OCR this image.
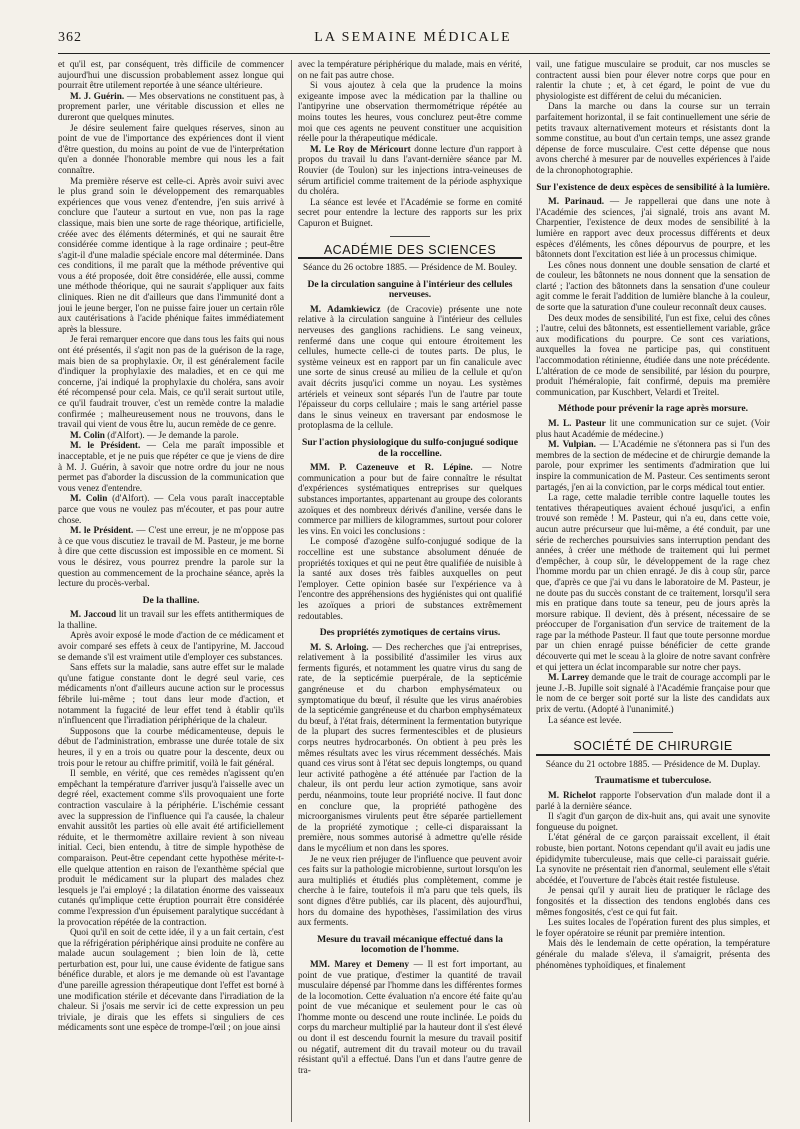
362	LA SEMAINE MÉDICALE

et qu'il est, par conséquent, très difficile de commencer aujourd'hui une discussion probablement assez longue qui pourrait être utilement reportée à une séance ultérieure.

M. J. Guérin. — Mes observations ne constituent pas, à proprement parler, une véritable discussion et elles ne dureront que quelques minutes.

Je désire seulement faire quelques réserves, sinon au point de vue de l'importance des expériences dont il vient d'être question, du moins au point de vue de l'interprétation qu'en a donnée l'honorable membre qui nous les a fait connaître.

Ma première réserve est celle-ci. Après avoir suivi avec le plus grand soin le développement des remarquables expériences que vous venez d'entendre, j'en suis arrivé à conclure que l'auteur a surtout en vue, non pas la rage classique, mais bien une sorte de rage théorique, artificielle, créée avec des éléments déterminés, et qui ne saurait être considérée comme identique à la rage ordinaire ; peut-être s'agit-il d'une maladie spéciale encore mal déterminée. Dans ces conditions, il me paraît que la méthode préventive qui vous a été proposée, doit être considérée, elle aussi, comme une méthode théorique, qui ne saurait s'appliquer aux faits cliniques. Rien ne dit d'ailleurs que dans l'immunité dont a joui le jeune berger, l'on ne puisse faire jouer un certain rôle aux cautérisations à l'acide phénique faites immédiatement après la blessure.

Je ferai remarquer encore que dans tous les faits qui nous ont été présentés, il s'agit non pas de la guérison de la rage, mais bien de sa prophylaxie. Or, il est généralement facile d'indiquer la prophylaxie des maladies, et en ce qui me concerne, j'ai indiqué la prophylaxie du choléra, sans avoir été récompensé pour cela. Mais, ce qu'il serait surtout utile, ce qu'il faudrait trouver, c'est un remède contre la maladie confirmée ; malheureusement nous ne trouvons, dans le travail qui vient de vous être lu, aucun remède de ce genre.

M. Colin (d'Alfort). — Je demande la parole.

M. le Président. — Cela me paraît impossible et inacceptable, et je ne puis que répéter ce que je viens de dire à M. J. Guérin, à savoir que notre ordre du jour ne nous permet pas d'aborder la discussion de la communication que vous venez d'entendre.

M. Colin (d'Alfort). — Cela vous paraît inacceptable parce que vous ne voulez pas m'écouter, et pas pour autre chose.

M. le Président. — C'est une erreur, je ne m'oppose pas à ce que vous discutiez le travail de M. Pasteur, je me borne à dire que cette discussion est impossible en ce moment. Si vous le désirez, vous pourrez prendre la parole sur la question au commencement de la prochaine séance, après la lecture du procès-verbal.

De la thalline.

M. Jaccoud lit un travail sur les effets antithermiques de la thalline.

Après avoir exposé le mode d'action de ce médicament et avoir comparé ses effets à ceux de l'antipyrine, M. Jaccoud se demande s'il est vraiment utile d'employer ces substances.

Sans effets sur la maladie, sans autre effet sur le malade qu'une fatigue constante dont le degré seul varie, ces médicaments n'ont d'ailleurs aucune action sur le processus fébrile lui-même ; tout dans leur mode d'action, et notamment la fugacité de leur effet tend à établir qu'ils n'influencent que l'irradiation périphérique de la chaleur.

Supposons que la courbe médicamenteuse, depuis le début de l'administration, embrasse une durée totale de six heures, il y en a trois ou quatre pour la descente, deux ou trois pour le retour au chiffre primitif, voilà le fait général.

Il semble, en vérité, que ces remèdes n'agissent qu'en empêchant la température d'arriver jusqu'à l'aisselle avec un degré réel, exactement comme s'ils provoquaient une forte contraction vasculaire à la périphérie. L'ischémie cessant avec la suppression de l'influence qui l'a causée, la chaleur envahit aussitôt les parties où elle avait été artificiellement réduite, et le thermomètre axillaire revient à son niveau initial. Ceci, bien entendu, à titre de simple hypothèse de comparaison. Peut-être cependant cette hypothèse mérite-t-elle quelque attention en raison de l'exanthème spécial que produit le médicament sur la plupart des malades chez lesquels je l'ai employé ; la dilatation énorme des vaisseaux cutanés qu'implique cette éruption pourrait être considérée comme l'expression d'un épuisement paralytique succédant à la provocation répétée de la contraction.

Quoi qu'il en soit de cette idée, il y a un fait certain, c'est que la réfrigération périphérique ainsi produite ne confère au malade aucun soulagement ; bien loin de là, cette perturbation est, pour lui, une cause évidente de fatigue sans bénéfice durable, et alors je me demande où est l'avantage d'une pareille agression thérapeutique dont l'effet est borné à une modification stérile et décevante dans l'irradiation de la chaleur. Si j'osais me servir ici de cette expression un peu triviale, je dirais que les effets si singuliers de ces médicaments sont une espèce de trompe-l'œil ; on joue ainsi

avec la température périphérique du malade, mais en vérité, on ne fait pas autre chose.

Si vous ajoutez à cela que la prudence la moins exigeante impose avec la médication par la thalline ou l'antipyrine une observation thermométrique répétée au moins toutes les heures, vous conclurez peut-être comme moi que ces agents ne peuvent constituer une acquisition réelle pour la thérapeutique médicale.

M. Le Roy de Méricourt donne lecture d'un rapport à propos du travail lu dans l'avant-dernière séance par M. Rouvier (de Toulon) sur les injections intra-veineuses de sérum artificiel comme traitement de la période asphyxique du choléra.

La séance est levée et l'Académie se forme en comité secret pour entendre la lecture des rapports sur les prix Capuron et Buignet.

ACADÉMIE DES SCIENCES
Séance du 26 octobre 1885. — Présidence de M. Bouley.
De la circulation sanguine à l'intérieur des cellules nerveuses.

M. Adamkiewicz (de Cracovie) présente une note relative à la circulation sanguine à l'intérieur des cellules nerveuses des ganglions rachidiens. Le sang veineux, renfermé dans une coque qui entoure étroitement les cellules, humecte celle-ci de toutes parts. De plus, le système veineux est en rapport par un fin canalicule avec une sorte de sinus creusé au milieu de la cellule et qu'on avait décrits jusqu'ici comme un noyau. Les systèmes artériels et veineux sont séparés l'un de l'autre par toute l'épaisseur du corps cellulaire ; mais le sang artériel passe dans le sinus veineux en traversant par endosmose le protoplasma de la cellule.

Sur l'action physiologique du sulfo-conjugué sodique de la roccelline.

MM. P. Cazeneuve et R. Lépine. — Notre communication a pour but de faire connaître le résultat d'expériences systématiques entreprises sur quelques substances importantes, appartenant au groupe des colorants azoïques et des nombreux dérivés d'aniline, versée dans le commerce par milliers de kilogrammes, surtout pour colorer les vins. En voici les conclusions :

Le composé d'azogène sulfo-conjugué sodique de la roccelline est une substance absolument dénuée de propriétés toxiques et qui ne peut être qualifiée de nuisible à la santé aux doses très faibles auxquelles on peut l'employer. Cette opinion basée sur l'expérience va à l'encontre des appréhensions des hygiénistes qui ont qualifié les azoïques a priori de substances extrêmement redoutables.

Des propriétés zymotiques de certains virus.

M. S. Arloing. — Des recherches que j'ai entreprises, relativement à la possibilité d'assimiler les virus aux ferments figurés, et notamment les quatre virus du sang de rate, de la septicémie puerpérale, de la septicémie gangréneuse et du charbon emphysémateux ou symptomatique du bœuf, il résulte que les virus anaérobies de la septicémie gangréneuse et du charbon emphysémateux du bœuf, à l'état frais, déterminent la fermentation butyrique de la plupart des sucres fermentescibles et de plusieurs corps neutres hydrocarbonés. On obtient à peu près les mêmes résultats avec les virus récemment desséchés. Mais quand ces virus sont à l'état sec depuis longtemps, ou quand leur activité pathogène a été atténuée par l'action de la chaleur, ils ont perdu leur action zymotique, sans avoir perdu, néanmoins, toute leur propriété nocive. Il faut donc en conclure que, la propriété pathogène des microorganismes virulents peut être séparée partiellement de la propriété zymotique ; celle-ci disparaissant la première, nous sommes autorisé à admettre qu'elle réside dans le mycélium et non dans les spores.

Je ne veux rien préjuger de l'influence que peuvent avoir ces faits sur la pathologie microbienne, surtout lorsqu'on les aura multipliés et étudiés plus complètement, comme je cherche à le faire, toutefois il m'a paru que tels quels, ils sont dignes d'être publiés, car ils placent, dès aujourd'hui, hors du domaine des hypothèses, l'assimilation des virus aux ferments.

Mesure du travail mécanique effectué dans la locomotion de l'homme.

MM. Marey et Demeny — Il est fort important, au point de vue pratique, d'estimer la quantité de travail musculaire dépensé par l'homme dans les différentes formes de la locomotion. Cette évaluation n'a encore été faite qu'au point de vue mécanique et seulement pour le cas où l'homme monte ou descend une route inclinée. Le poids du corps du marcheur multiplié par la hauteur dont il s'est élevé ou dont il est descendu fournit la mesure du travail positif ou négatif, autrement dit du travail moteur ou du travail résistant qu'il a effectué. Dans l'un et dans l'autre genre de tra-

vail, une fatigue musculaire se produit, car nos muscles se contractent aussi bien pour élever notre corps que pour en ralentir la chute ; et, à cet égard, le point de vue du physiologiste est différent de celui du mécanicien.

Dans la marche ou dans la course sur un terrain parfaitement horizontal, il se fait continuellement une série de petits travaux alternativement moteurs et résistants dont la somme constitue, au bout d'un certain temps, une assez grande dépense de force musculaire. C'est cette dépense que nous avons cherché à mesurer par de nouvelles expériences à l'aide de la chronophotographie.

Sur l'existence de deux espèces de sensibilité à la lumière.

M. Parinaud. — Je rappellerai que dans une note à l'Académie des sciences, j'ai signalé, trois ans avant M. Charpentier, l'existence de deux modes de sensibilité à la lumière en rapport avec deux processus différents et deux espèces d'éléments, les cônes dépourvus de pourpre, et les bâtonnets dont l'excitation est liée à un processus chimique.

Les cônes nous donnent une double sensation de clarté et de couleur, les bâtonnets ne nous donnent que la sensation de clarté ; l'action des bâtonnets dans la sensation d'une couleur agit comme le ferait l'addition de lumière blanche à la couleur, de sorte que la saturation d'une couleur reconnaît deux causes.

Des deux modes de sensibilité, l'un est fixe, celui des cônes ; l'autre, celui des bâtonnets, est essentiellement variable, grâce aux modifications du pourpre. Ce sont ces variations, auxquelles la fovea ne participe pas, qui constituent l'accommodation rétinienne, étudiée dans une note précédente. L'altération de ce mode de sensibilité, par lésion du pourpre, produit l'héméralopie, fait confirmé, depuis ma première communication, par Kuschbert, Velardi et Treitel.

Méthode pour prévenir la rage après morsure.

M. L. Pasteur lit une communication sur ce sujet. (Voir plus haut Académie de médecine.)

M. Vulpian. — L'Académie ne s'étonnera pas si l'un des membres de la section de médecine et de chirurgie demande la parole, pour exprimer les sentiments d'admiration que lui inspire la communication de M. Pasteur. Ces sentiments seront partagés, j'en ai la conviction, par le corps médical tout entier.

La rage, cette maladie terrible contre laquelle toutes les tentatives thérapeutiques avaient échoué jusqu'ici, a enfin trouvé son remède ! M. Pasteur, qui n'a eu, dans cette voie, aucun autre précurseur que lui-même, a été conduit, par une série de recherches poursuivies sans interruption pendant des années, à créer une méthode de traitement qui lui permet d'empêcher, à coup sûr, le développement de la rage chez l'homme mordu par un chien enragé. Je dis à coup sûr, parce que, d'après ce que j'ai vu dans le laboratoire de M. Pasteur, je ne doute pas du succès constant de ce traitement, lorsqu'il sera mis en pratique dans toute sa teneur, peu de jours après la morsure rabique. Il devient, dès à présent, nécessaire de se préoccuper de l'organisation d'un service de traitement de la rage par la méthode Pasteur. Il faut que toute personne mordue par un chien enragé puisse bénéficier de cette grande découverte qui met le sceau à la gloire de notre savant confrère et qui jettera un éclat incomparable sur notre cher pays.

M. Larrey demande que le trait de courage accompli par le jeune J.-B. Jupille soit signalé à l'Académie française pour que le nom de ce berger soit porté sur la liste des candidats aux prix de vertu. (Adopté à l'unanimité.)

La séance est levée.

SOCIÉTÉ DE CHIRURGIE
Séance du 21 octobre 1885. — Présidence de M. Duplay.
Traumatisme et tuberculose.

M. Richelot rapporte l'observation d'un malade dont il a parlé à la dernière séance.

Il s'agit d'un garçon de dix-huit ans, qui avait une synovite fongueuse du poignet.

L'état général de ce garçon paraissait excellent, il était robuste, bien portant. Notons cependant qu'il avait eu jadis une épididymite tuberculeuse, mais que celle-ci paraissait guérie. La synovite ne présentait rien d'anormal, seulement elle s'était abcédée, et l'ouverture de l'abcès était restée fistuleuse.

Je pensai qu'il y aurait lieu de pratiquer le râclage des fongosités et la dissection des tendons englobés dans ces mêmes fongosités, c'est ce qui fut fait.

Les suites locales de l'opération furent des plus simples, et le foyer opératoire se réunit par première intention.

Mais dès le lendemain de cette opération, la température générale du malade s'éleva, il s'amaigrit, présenta des phénomènes typhoïdiques, et finalement
